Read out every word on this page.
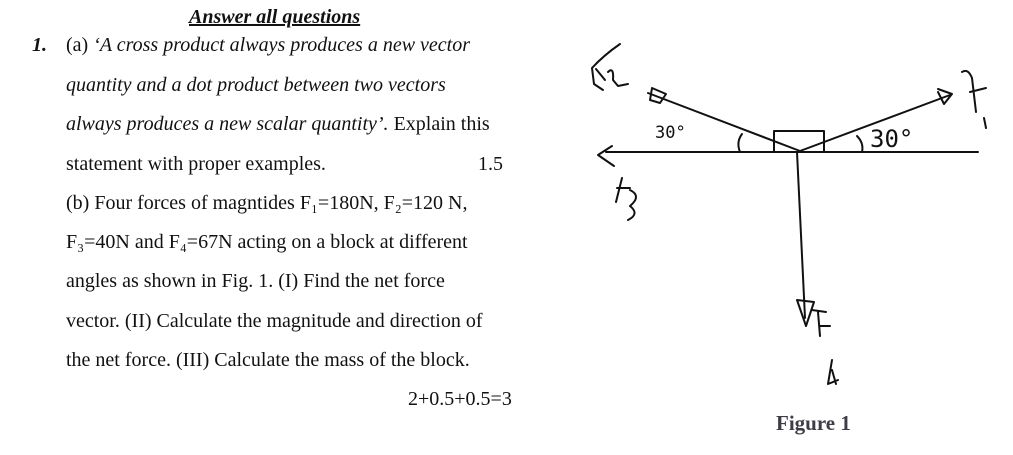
Answer all questions
1. (a) ‘A cross product always produces a new vector
quantity and a dot product between two vectors
always produces a new scalar quantity’. Explain this
statement with proper examples.	1.5
(b) Four forces of magntides F₁=180N, F₂=120 N,
F₃=40N and F₄=67N acting on a block at different
angles as shown in Fig. 1. (I) Find the net force
vector. (II) Calculate the magnitude and direction of
the net force. (III) Calculate the mass of the block.
2+0.5+0.5=3
30°	30°
Figure 1
